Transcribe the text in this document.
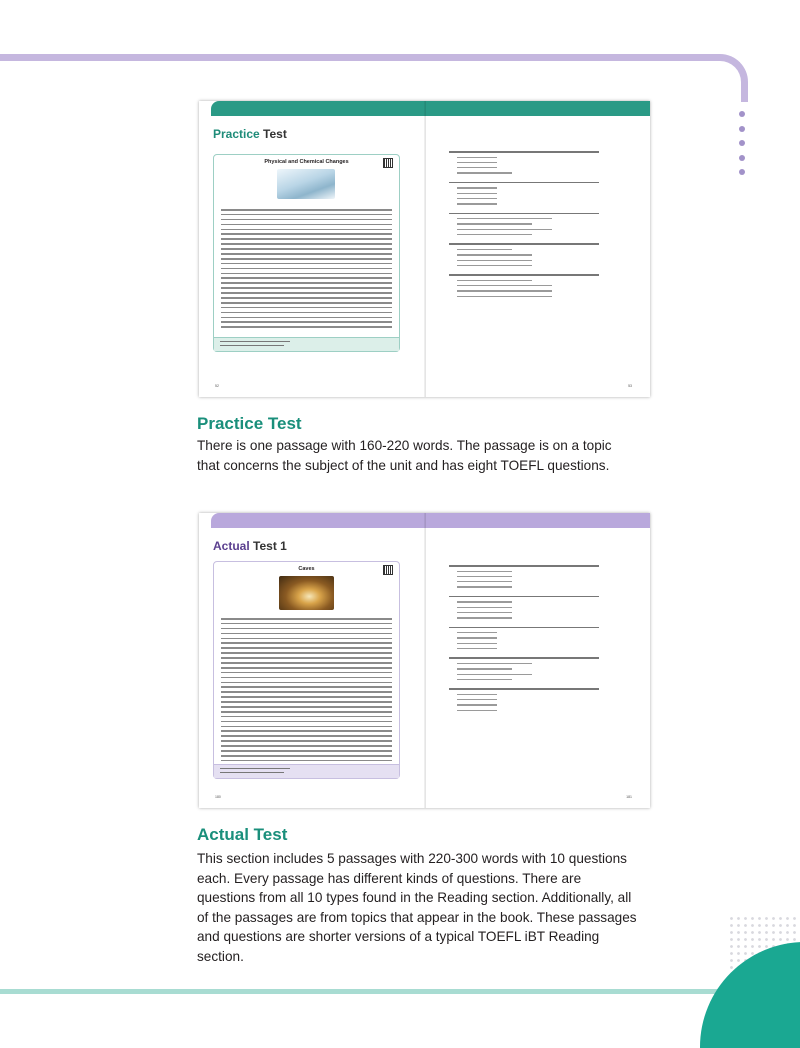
Practice Test
Physical and Chemical Changes
52	53
Practice Test

There is one passage with 160-220 words. The passage is on a topic that concerns the subject of the unit and has eight TOEFL questions.

Actual Test 1
Caves
180	181
Actual Test

This section includes 5 passages with 220-300 words with 10 questions each. Every passage has different kinds of questions. There are questions from all 10 types found in the Reading section. Additionally, all of the passages are from topics that appear in the book. These passages and questions are shorter versions of a typical TOEFL iBT Reading section.
